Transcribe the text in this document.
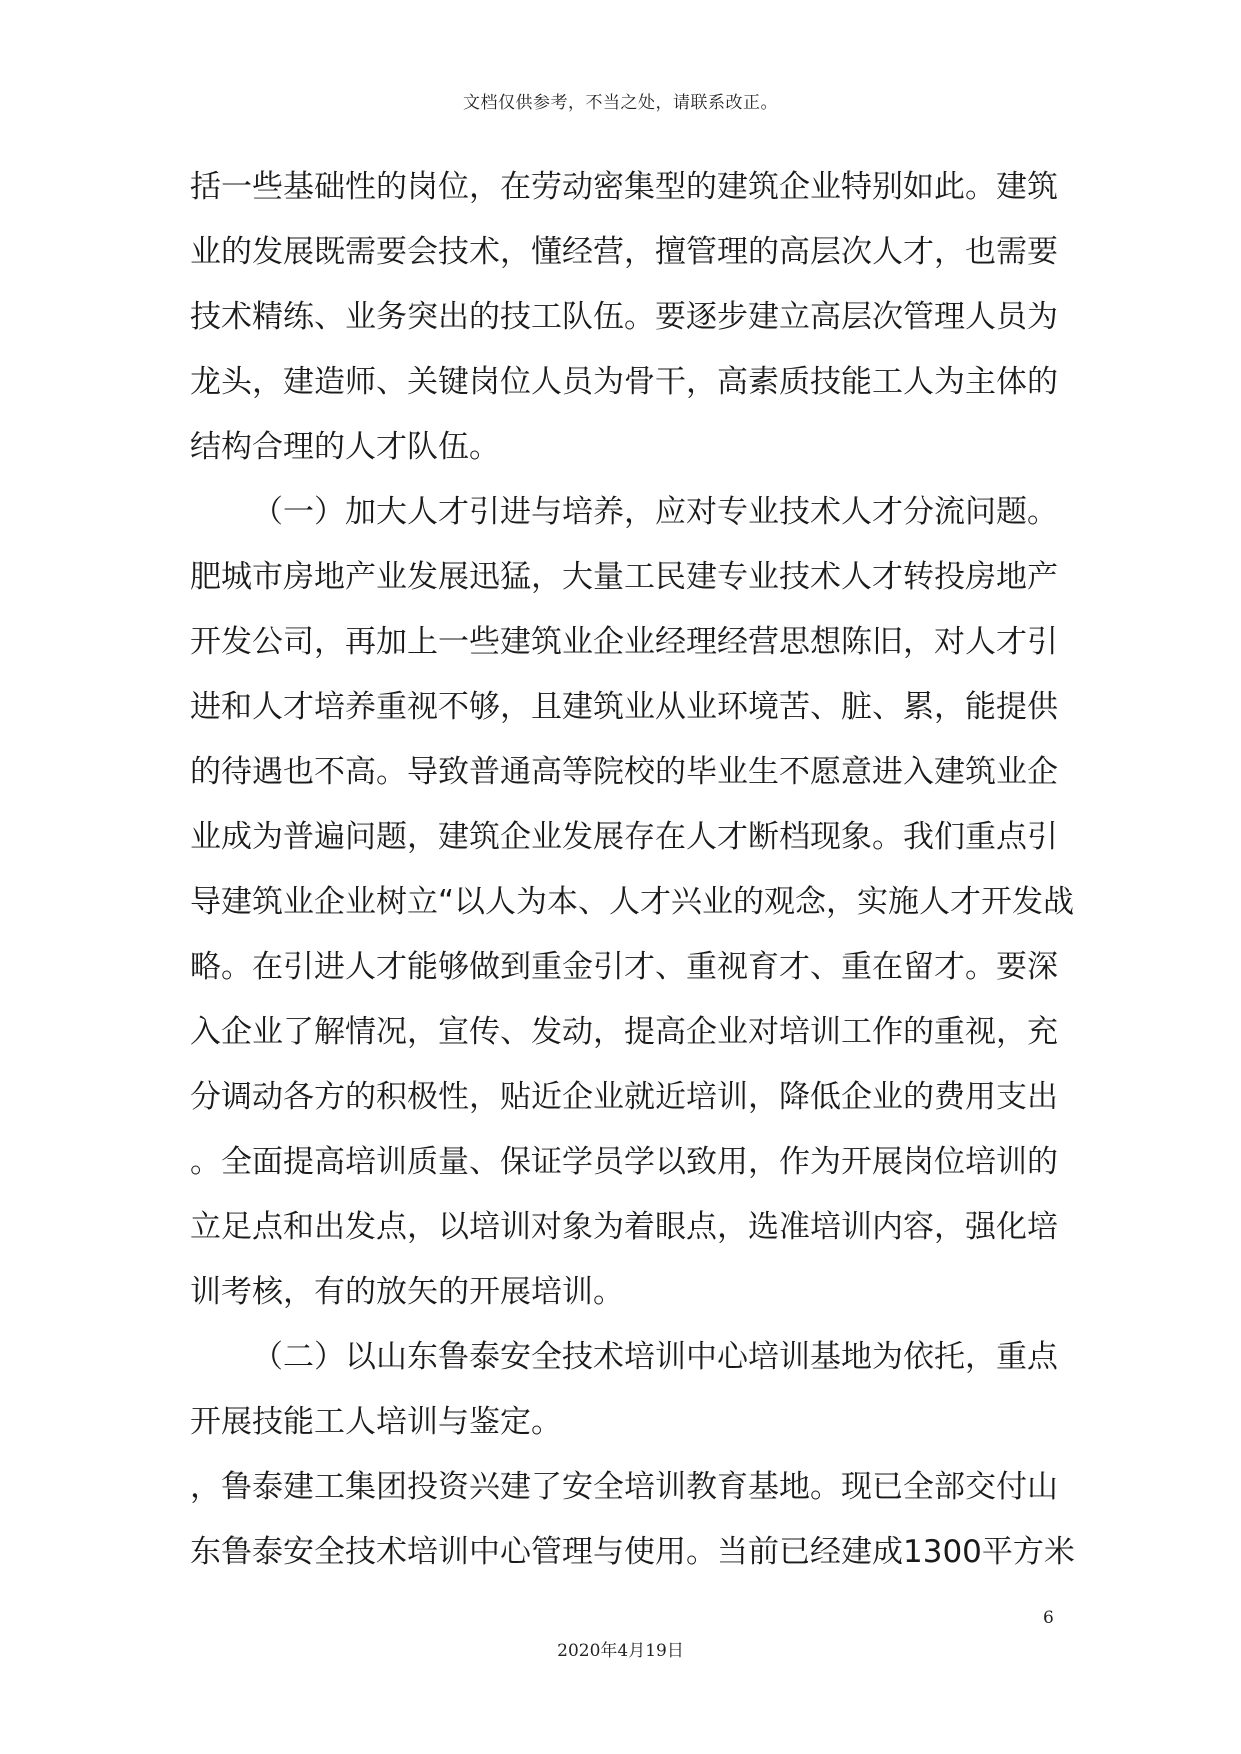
文档仅供参考，不当之处，请联系改正。
括一些基础性的岗位，在劳动密集型的建筑企业特别如此。建筑
业的发展既需要会技术，懂经营，擅管理的高层次人才，也需要
技术精练、业务突出的技工队伍。要逐步建立高层次管理人员为
龙头，建造师、关键岗位人员为骨干，高素质技能工人为主体的
结构合理的人才队伍。
（一）加大人才引进与培养，应对专业技术人才分流问题。
肥城市房地产业发展迅猛，大量工民建专业技术人才转投房地产
开发公司，再加上一些建筑业企业经理经营思想陈旧，对人才引
进和人才培养重视不够，且建筑业从业环境苦、脏、累，能提供
的待遇也不高。导致普通高等院校的毕业生不愿意进入建筑业企
业成为普遍问题，建筑企业发展存在人才断档现象。我们重点引
导建筑业企业树立“以人为本、人才兴业的观念，实施人才开发战
略。在引进人才能够做到重金引才、重视育才、重在留才。要深
入企业了解情况，宣传、发动，提高企业对培训工作的重视，充
分调动各方的积极性，贴近企业就近培训，降低企业的费用支出
。全面提高培训质量、保证学员学以致用，作为开展岗位培训的
立足点和出发点，以培训对象为着眼点，选准培训内容，强化培
训考核，有的放矢的开展培训。
（二）以山东鲁泰安全技术培训中心培训基地为依托，重点
开展技能工人培训与鉴定。
，鲁泰建工集团投资兴建了安全培训教育基地。现已全部交付山
东鲁泰安全技术培训中心管理与使用。当前已经建成1300平方米
6
2020年4月19日
